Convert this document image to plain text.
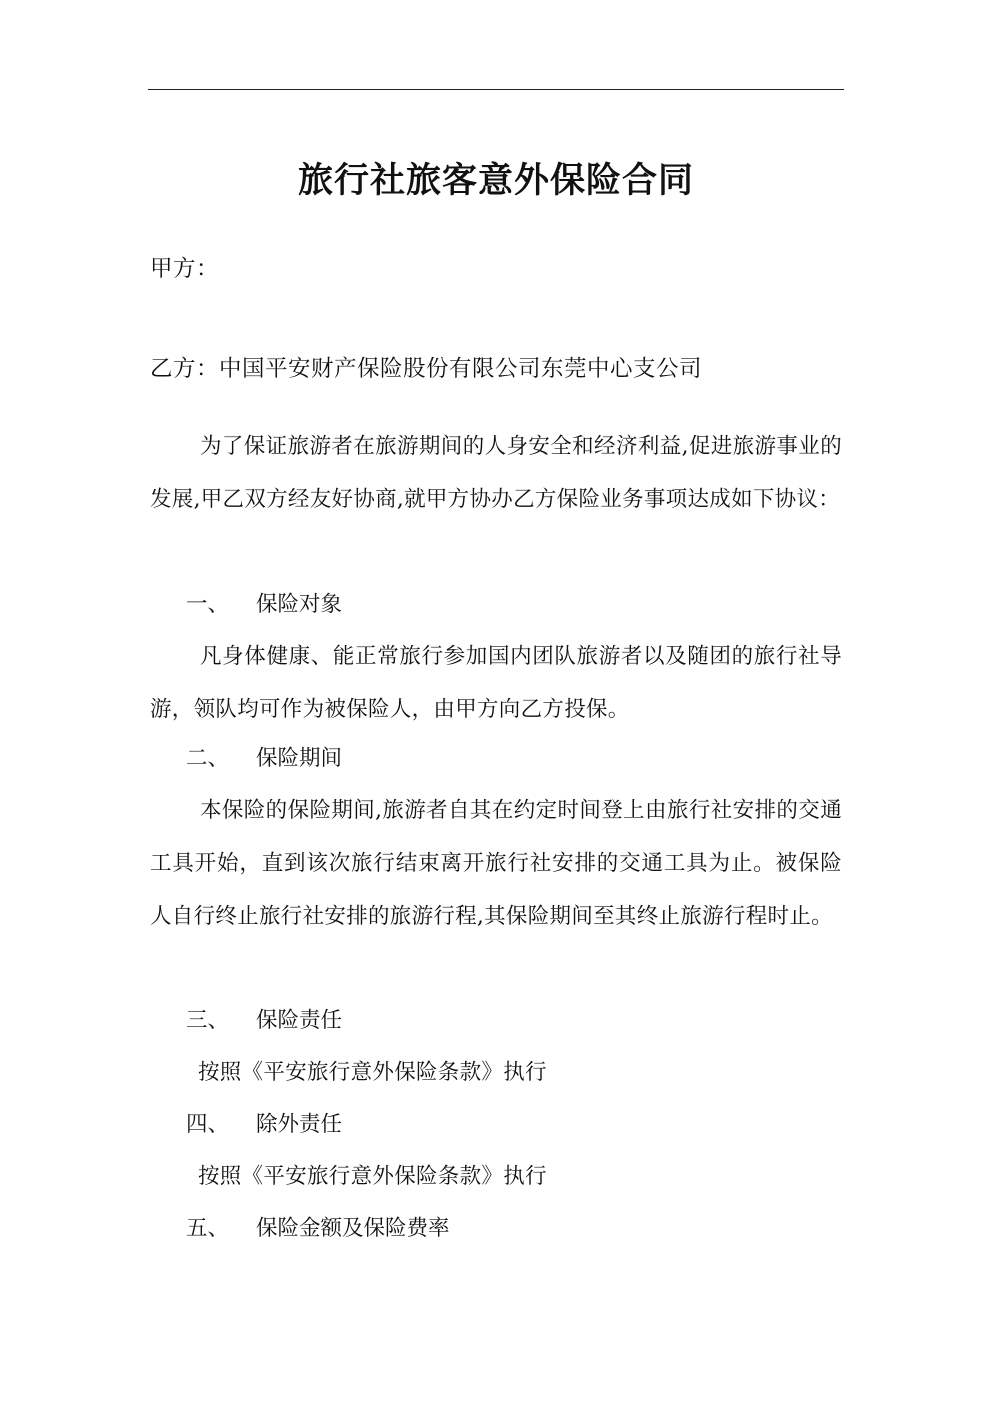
旅行社旅客意外保险合同
甲方：
乙方：中国平安财产保险股份有限公司东莞中心支公司
为了保证旅游者在旅游期间的人身安全和经济利益,促进旅游事业的发展,甲乙双方经友好协商,就甲方协办乙方保险业务事项达成如下协议：
一、 保险对象
凡身体健康、能正常旅行参加国内团队旅游者以及随团的旅行社导游，领队均可作为被保险人，由甲方向乙方投保。
二、 保险期间
本保险的保险期间,旅游者自其在约定时间登上由旅行社安排的交通工具开始，直到该次旅行结束离开旅行社安排的交通工具为止。被保险人自行终止旅行社安排的旅游行程,其保险期间至其终止旅游行程时止。
三、 保险责任
按照《平安旅行意外保险条款》执行
四、 除外责任
按照《平安旅行意外保险条款》执行
五、 保险金额及保险费率
